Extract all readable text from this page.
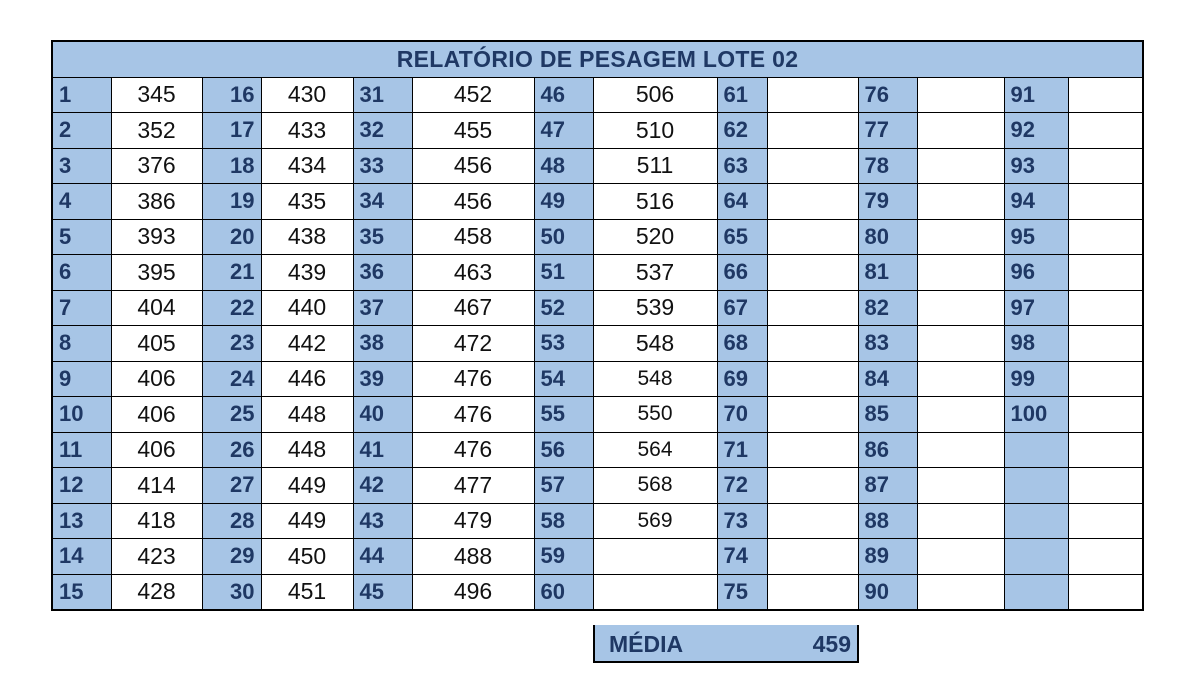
RELATÓRIO DE PESAGEM LOTE 02													
1	345	16	430	31	452	46	506	61		76		91	
2	352	17	433	32	455	47	510	62		77		92	
3	376	18	434	33	456	48	511	63		78		93	
4	386	19	435	34	456	49	516	64		79		94	
5	393	20	438	35	458	50	520	65		80		95	
6	395	21	439	36	463	51	537	66		81		96	
7	404	22	440	37	467	52	539	67		82		97	
8	405	23	442	38	472	53	548	68		83		98	
9	406	24	446	39	476	54	548	69		84		99	
10	406	25	448	40	476	55	550	70		85		100	
11	406	26	448	41	476	56	564	71		86			
12	414	27	449	42	477	57	568	72		87			
13	418	28	449	43	479	58	569	73		88			
14	423	29	450	44	488	59		74		89			
15	428	30	451	45	496	60		75		90			
MÉDIA	459
